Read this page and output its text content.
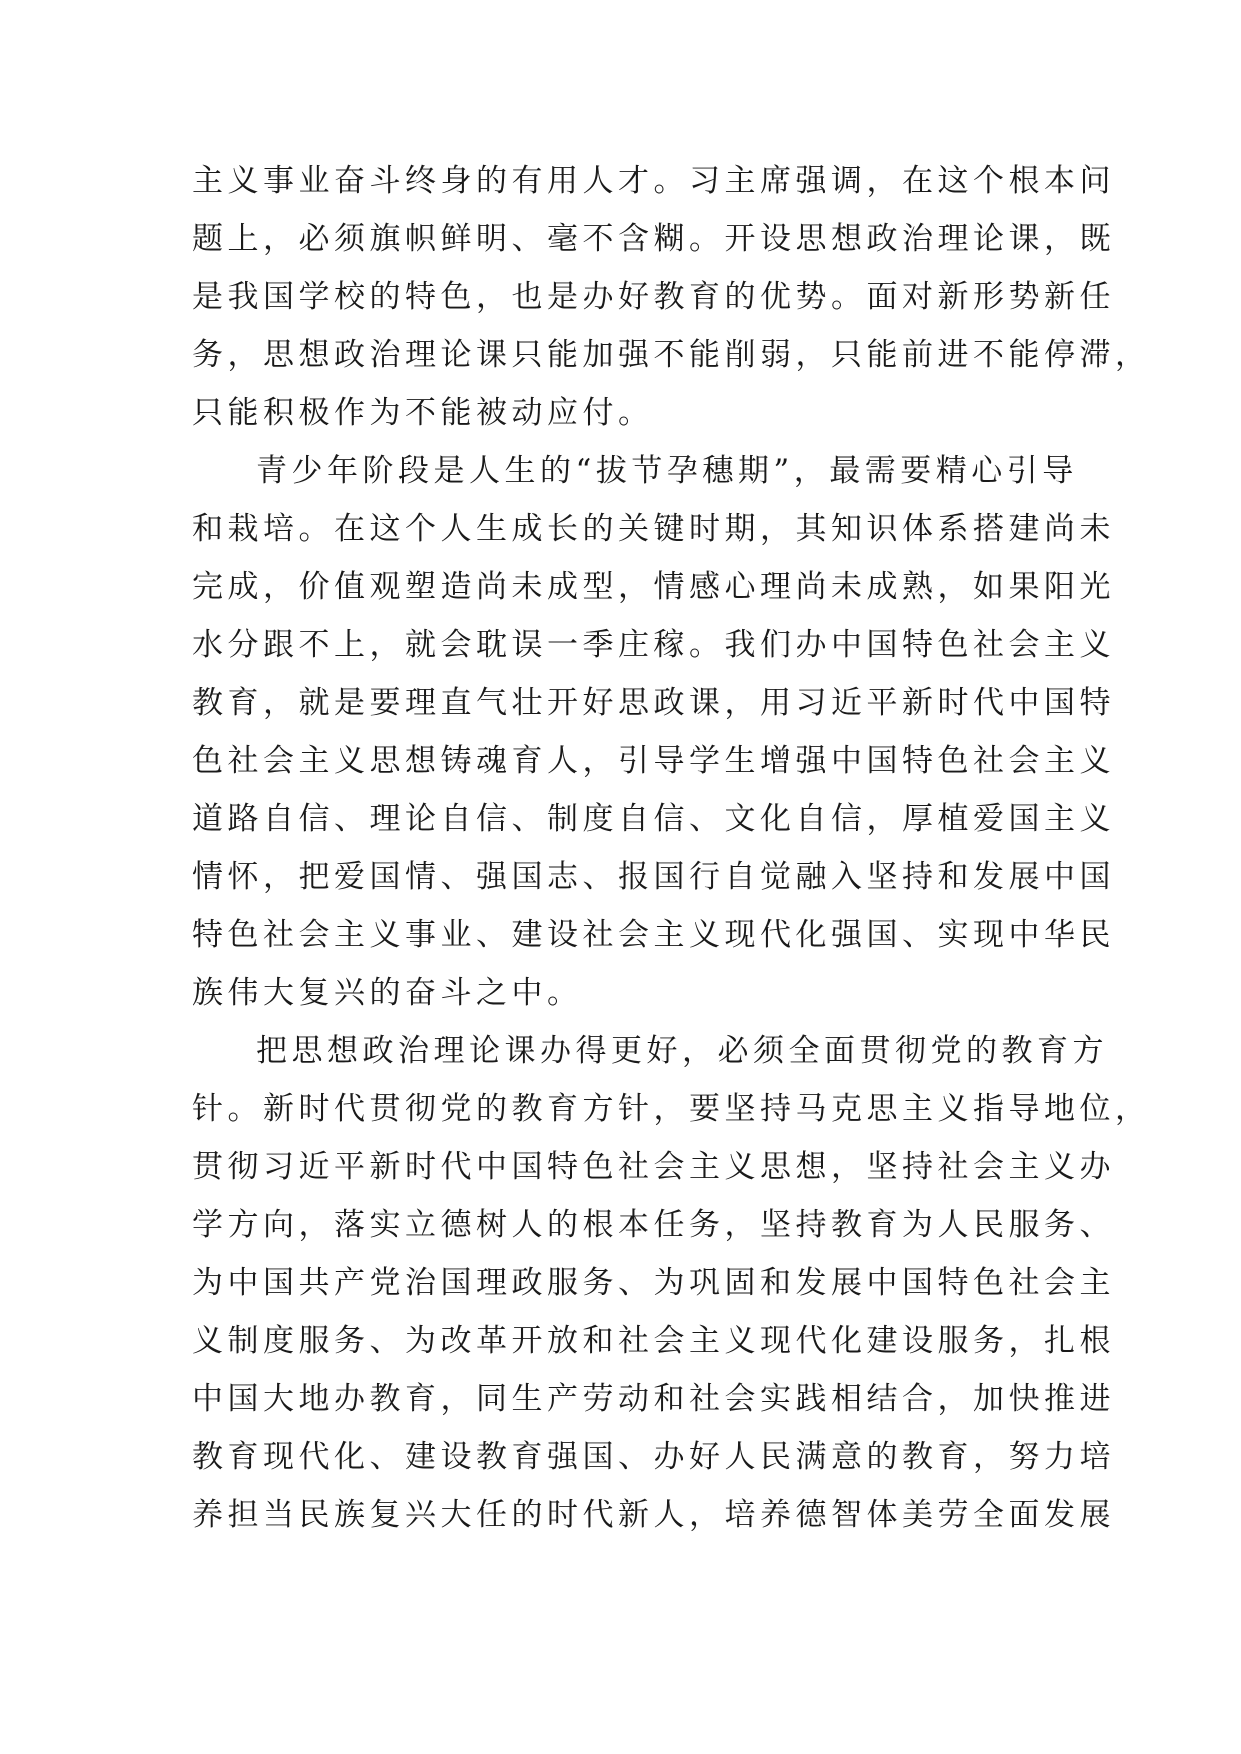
主义事业奋斗终身的有用人才。习主席强调，在这个根本问
题上，必须旗帜鲜明、毫不含糊。开设思想政治理论课，既
是我国学校的特色，也是办好教育的优势。面对新形势新任
务，思想政治理论课只能加强不能削弱，只能前进不能停滞，
只能积极作为不能被动应付。
青少年阶段是人生的“拔节孕穗期”，最需要精心引导
和栽培。在这个人生成长的关键时期，其知识体系搭建尚未
完成，价值观塑造尚未成型，情感心理尚未成熟，如果阳光
水分跟不上，就会耽误一季庄稼。我们办中国特色社会主义
教育，就是要理直气壮开好思政课，用习近平新时代中国特
色社会主义思想铸魂育人，引导学生增强中国特色社会主义
道路自信、理论自信、制度自信、文化自信，厚植爱国主义
情怀，把爱国情、强国志、报国行自觉融入坚持和发展中国
特色社会主义事业、建设社会主义现代化强国、实现中华民
族伟大复兴的奋斗之中。
把思想政治理论课办得更好，必须全面贯彻党的教育方
针。新时代贯彻党的教育方针，要坚持马克思主义指导地位，
贯彻习近平新时代中国特色社会主义思想，坚持社会主义办
学方向，落实立德树人的根本任务，坚持教育为人民服务、
为中国共产党治国理政服务、为巩固和发展中国特色社会主
义制度服务、为改革开放和社会主义现代化建设服务，扎根
中国大地办教育，同生产劳动和社会实践相结合，加快推进
教育现代化、建设教育强国、办好人民满意的教育，努力培
养担当民族复兴大任的时代新人，培养德智体美劳全面发展
